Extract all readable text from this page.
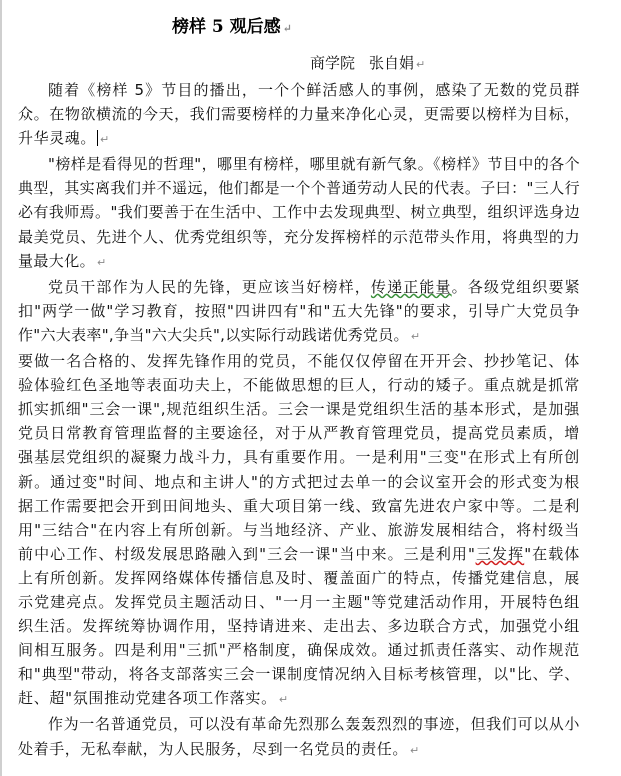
榜样 5 观后感 ↵
商学院 张自娟 ↵

随着《榜样 5》节目的播出，一个个鲜活感人的事例，感染了无数的党员群众。在物欲横流的今天，我们需要榜样的力量来净化心灵，更需要以榜样为目标，升华灵魂。 ↵

"榜样是看得见的哲理"，哪里有榜样，哪里就有新气象。《榜样》节目中的各个典型，其实离我们并不遥远，他们都是一个个普通劳动人民的代表。子曰："三人行必有我师焉。"我们要善于在生活中、工作中去发现典型、树立典型，组织评选身边最美党员、先进个人、优秀党组织等，充分发挥榜样的示范带头作用，将典型的力量最大化。 ↵

党员干部作为人民的先锋，更应该当好榜样，传递正能量。各级党组织要紧扣"两学一做"学习教育，按照"四讲四有"和"五大先锋"的要求，引导广大党员争作"六大表率",争当"六大尖兵",以实际行动践诺优秀党员。 ↵

要做一名合格的、发挥先锋作用的党员，不能仅仅停留在开开会、抄抄笔记、体验体验红色圣地等表面功夫上，不能做思想的巨人，行动的矮子。重点就是抓常抓实抓细"三会一课",规范组织生活。三会一课是党组织生活的基本形式，是加强党员日常教育管理监督的主要途径，对于从严教育管理党员，提高党员素质，增强基层党组织的凝聚力战斗力，具有重要作用。一是利用"三变"在形式上有所创新。通过变"时间、地点和主讲人"的方式把过去单一的会议室开会的形式变为根据工作需要把会开到田间地头、重大项目第一线、致富先进农户家中等。二是利用"三结合"在内容上有所创新。与当地经济、产业、旅游发展相结合，将村级当前中心工作、村级发展思路融入到"三会一课"当中来。三是利用"三发挥"在载体上有所创新。发挥网络媒体传播信息及时、覆盖面广的特点，传播党建信息，展示党建亮点。发挥党员主题活动日、"一月一主题"等党建活动作用，开展特色组织生活。发挥统筹协调作用，坚持请进来、走出去、多边联合方式，加强党小组间相互服务。四是利用"三抓"严格制度，确保成效。通过抓责任落实、动作规范和"典型"带动，将各支部落实三会一课制度情况纳入目标考核管理，以"比、学、赶、超"氛围推动党建各项工作落实。 ↵

作为一名普通党员，可以没有革命先烈那么轰轰烈烈的事迹，但我们可以从小处着手，无私奉献，为人民服务，尽到一名党员的责任。 ↵
